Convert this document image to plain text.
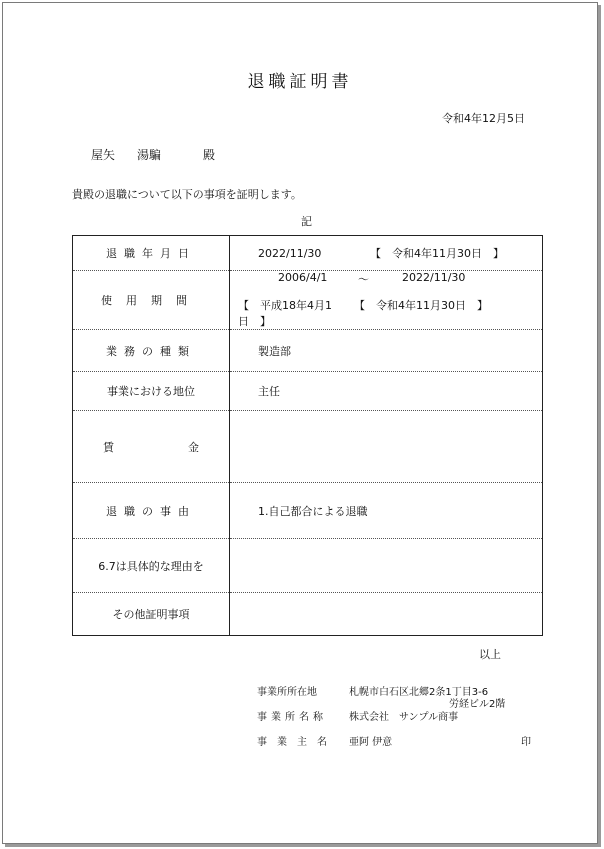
退職証明書
令和4年12月5日
屋矢	湯騙	殿
貴殿の退職について以下の事項を証明します。
記
退職年月日	2022/11/30 【　令和4年11月30日　】

使用期間	2006/4/1 ～ 2022/11/30
【　平成18年4月1日　】
【　令和4年11月30日　】

業務の種類	製造部
事業における地位	主任

賃 金	

退職の事由	1.自己都合による退職
6.7は具体的な理由を	
その他証明事項	
以上
事業所所在地	札幌市白石区北郷2条1丁目3-6
労経ビル2階
事業所名称 株式会社　サンプル商事
事業主名 亜阿 伊意	印
